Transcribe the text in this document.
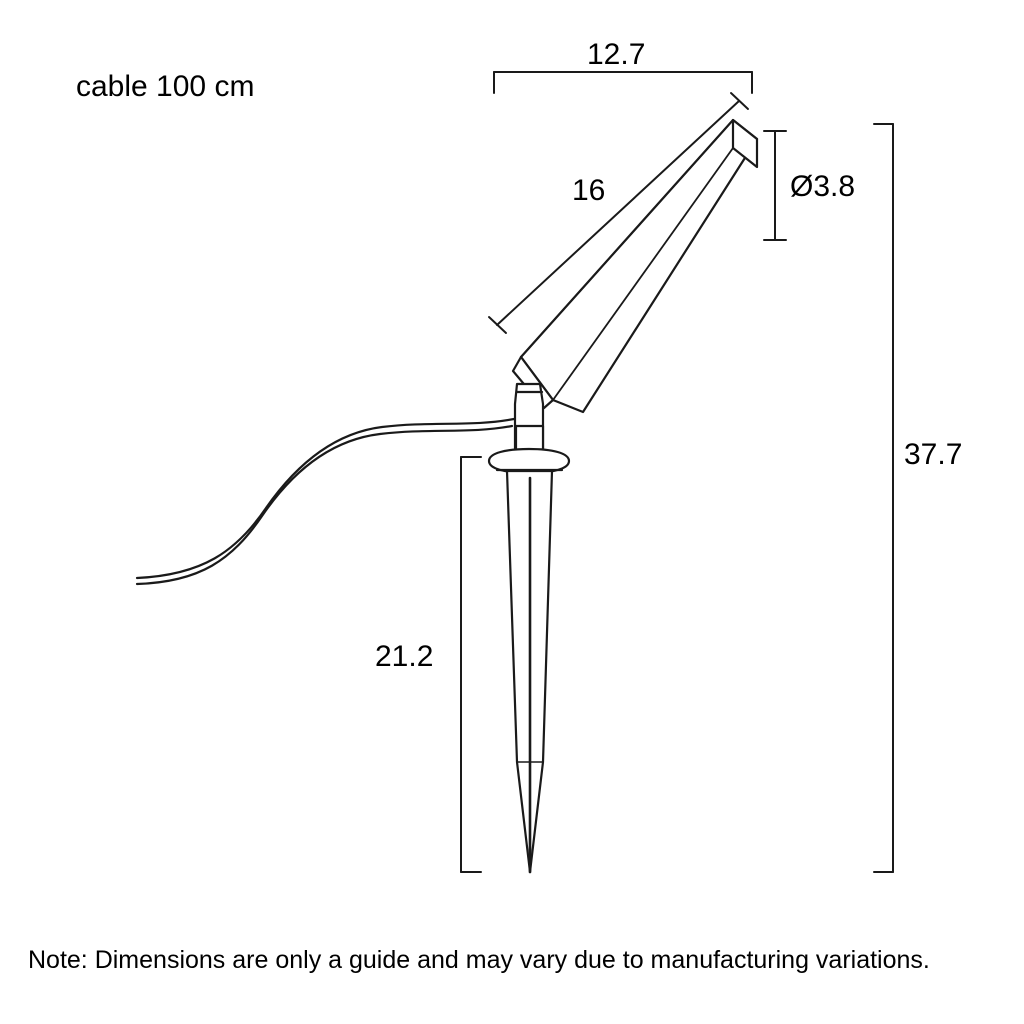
cable 100 cm
12.7
16	Ø3.8
37.7
21.2
Note: Dimensions are only a guide and may vary due to manufacturing variations.
